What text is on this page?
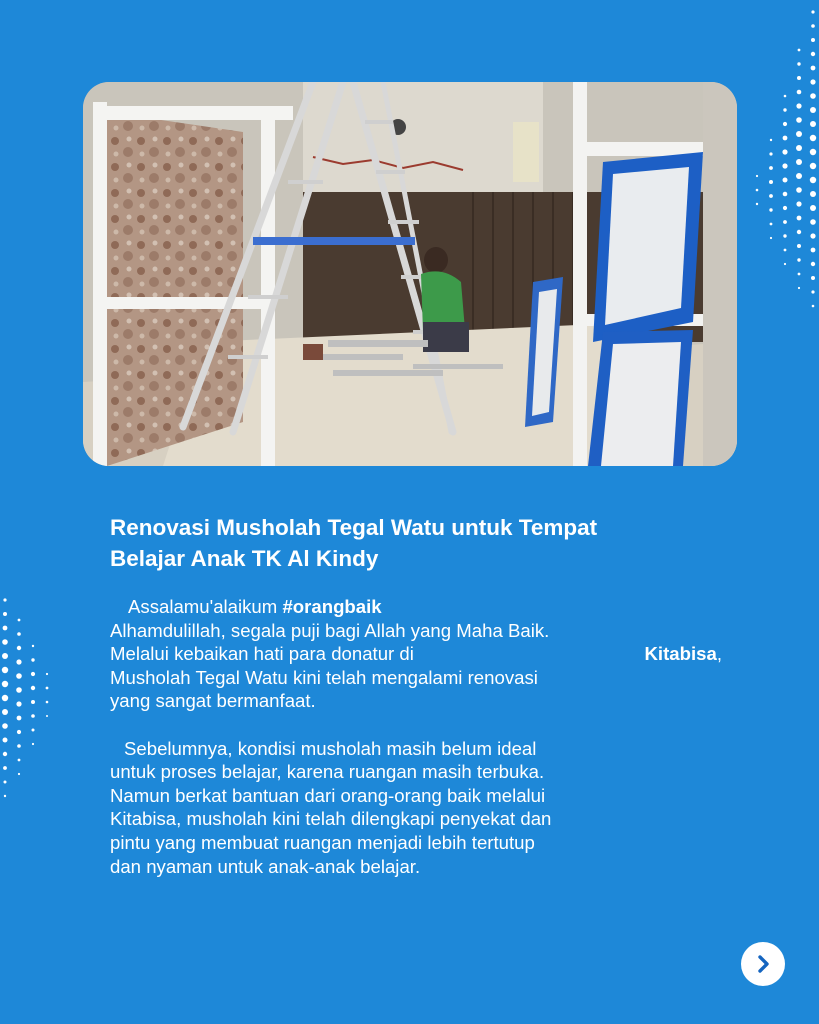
Renovasi Musholah Tegal Watu untuk Tempat
Belajar Anak TK Al Kindy

Assalamu'alaikum #orangbaik
Alhamdulillah, segala puji bagi Allah yang Maha Baik.
Melalui kebaikan hati para donatur di	Kitabisa ,
Musholah Tegal Watu kini telah mengalami renovasi
yang sangat bermanfaat.

Sebelumnya, kondisi musholah masih belum ideal
untuk proses belajar, karena ruangan masih terbuka.
Namun berkat bantuan dari orang-orang baik melalui
Kitabisa, musholah kini telah dilengkapi penyekat dan
pintu yang membuat ruangan menjadi lebih tertutup
dan nyaman untuk anak-anak belajar.
